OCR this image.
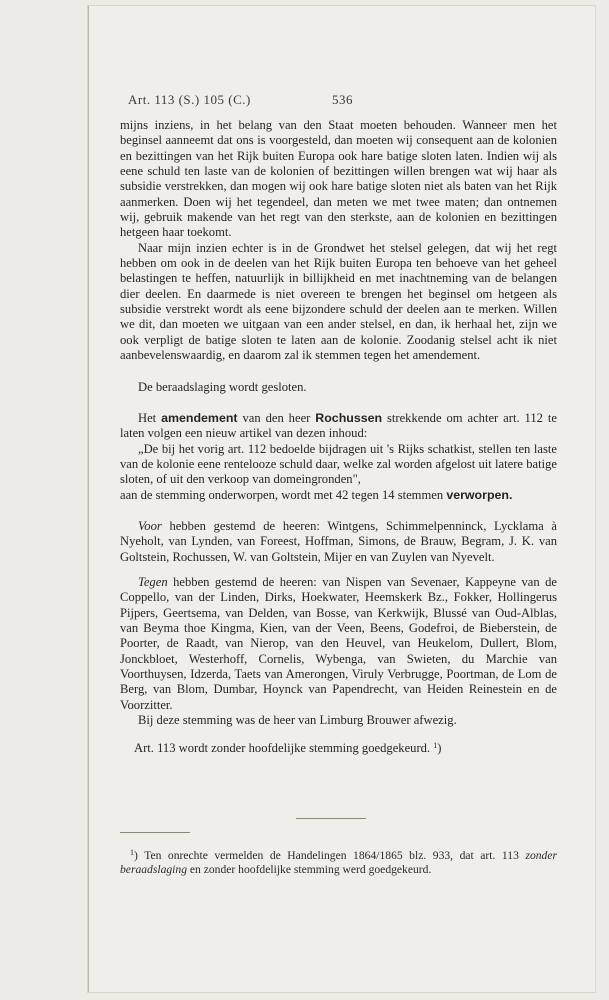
Art. 113 (S.) 105 (C.)	536

mijns inziens, in het belang van den Staat moeten behouden. Wanneer men het beginsel aanneemt dat ons is voorgesteld, dan moeten wij consequent aan de kolonien en bezittingen van het Rijk buiten Europa ook hare batige sloten laten. Indien wij als eene schuld ten laste van de kolonien of bezittingen willen brengen wat wij haar als subsidie verstrekken, dan mogen wij ook hare batige sloten niet als baten van het Rijk aanmerken. Doen wij het tegendeel, dan meten we met twee maten; dan ontnemen wij, gebruik makende van het regt van den sterkste, aan de kolonien en bezittingen hetgeen haar toekomt.

Naar mijn inzien echter is in de Grondwet het stelsel gelegen, dat wij het regt hebben om ook in de deelen van het Rijk buiten Europa ten behoeve van het geheel belastingen te heffen, natuurlijk in billijkheid en met inachtneming van de belangen dier deelen. En daarmede is niet overeen te brengen het beginsel om hetgeen als subsidie verstrekt wordt als eene bijzondere schuld der deelen aan te merken. Willen we dit, dan moeten we uitgaan van een ander stelsel, en dan, ik herhaal het, zijn we ook verpligt de batige sloten te laten aan de kolonie. Zoodanig stelsel acht ik niet aanbevelenswaardig, en daarom zal ik stemmen tegen het amendement.

De beraadslaging wordt gesloten.

Het amendement van den heer Rochussen strekkende om achter art. 112 te laten volgen een nieuw artikel van dezen inhoud:

„De bij het vorig art. 112 bedoelde bijdragen uit 's Rijks schatkist, stellen ten laste van de kolonie eene rentelooze schuld daar, welke zal worden afgelost uit latere batige sloten, of uit den verkoop van domeingronden",

aan de stemming onderworpen, wordt met 42 tegen 14 stemmen verworpen.

Voor hebben gestemd de heeren: Wintgens, Schimmelpenninck, Lycklama à Nyeholt, van Lynden, van Foreest, Hoffman, Simons, de Brauw, Begram, J. K. van Goltstein, Rochussen, W. van Goltstein, Mijer en van Zuylen van Nyevelt.

Tegen hebben gestemd de heeren: van Nispen van Sevenaer, Kappeyne van de Coppello, van der Linden, Dirks, Hoekwater, Heemskerk Bz., Fokker, Hollingerus Pijpers, Geertsema, van Delden, van Bosse, van Kerkwijk, Blussé van Oud-Alblas, van Beyma thoe Kingma, Kien, van der Veen, Beens, Godefroi, de Bieberstein, de Poorter, de Raadt, van Nierop, van den Heuvel, van Heukelom, Dullert, Blom, Jonckbloet, Westerhoff, Cornelis, Wybenga, van Swieten, du Marchie van Voorthuysen, Idzerda, Taets van Amerongen, Viruly Verbrugge, Poortman, de Lom de Berg, van Blom, Dumbar, Hoynck van Papendrecht, van Heiden Reinestein en de Voorzitter.

Bij deze stemming was de heer van Limburg Brouwer afwezig.

Art. 113 wordt zonder hoofdelijke stemming goedgekeurd. $^1$)

$^1$) Ten onrechte vermelden de Handelingen 1864/1865 blz. 933, dat art. 113 zonder beraadslaging en zonder hoofdelijke stemming werd goedgekeurd.
